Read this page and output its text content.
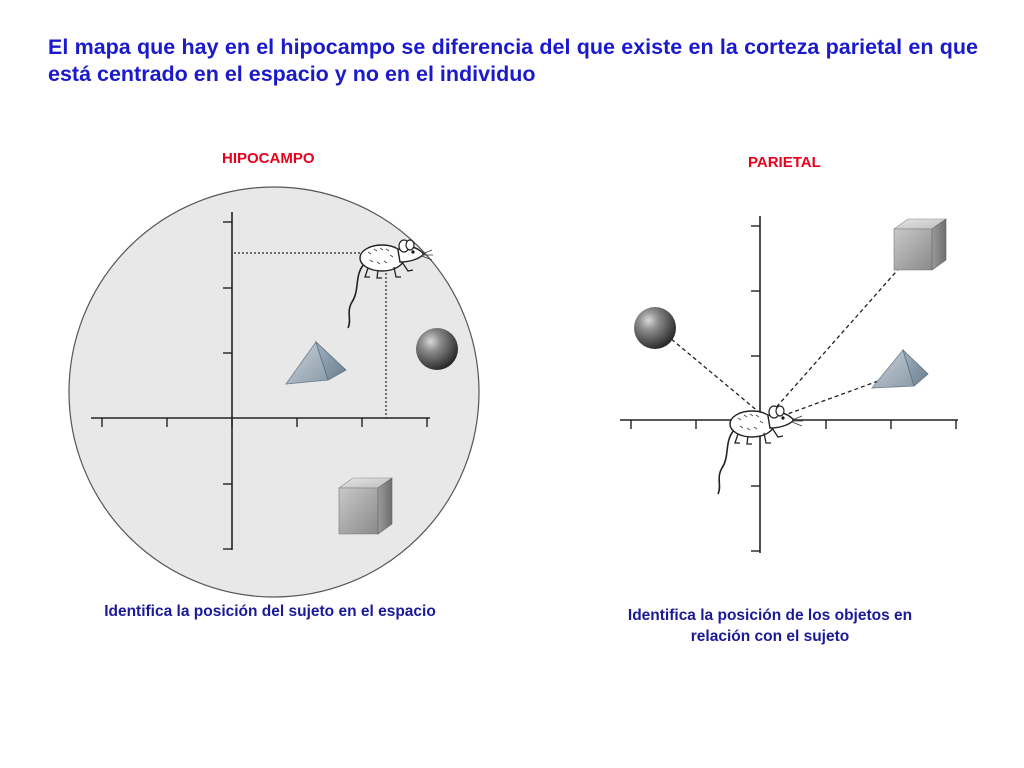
El mapa que hay en el hipocampo se diferencia del que existe en la corteza parietal en que está centrado en el espacio y no en el individuo
HIPOCAMPO	PARIETAL
Identifica la posición del sujeto en el espacio	Identifica la posición de los objetos en
relación con el sujeto
